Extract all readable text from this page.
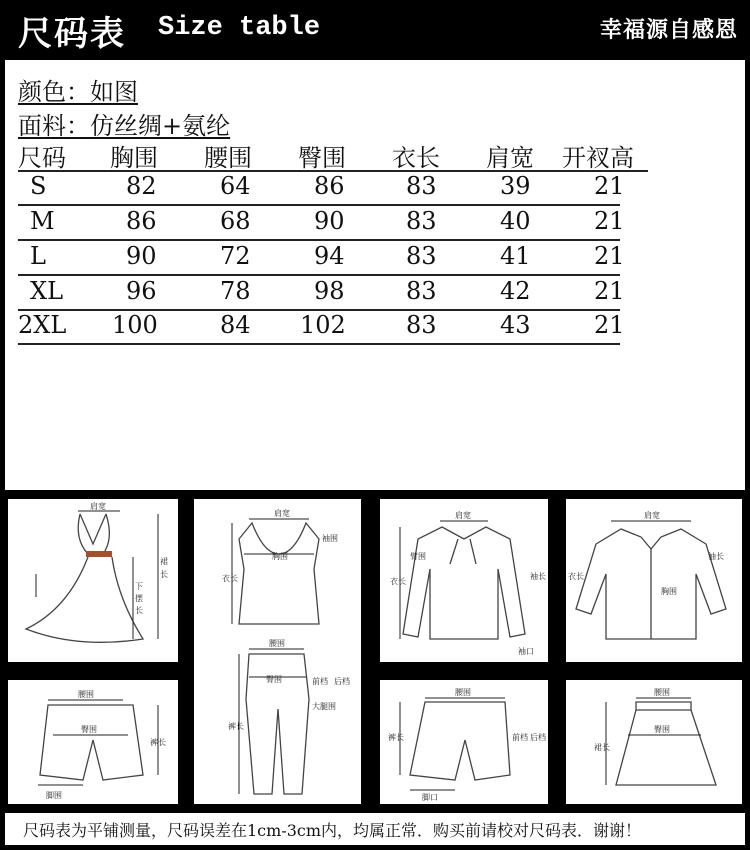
尺码表 Size table	幸福源自感恩
颜色：如图
面料：仿丝绸+氨纶
尺码 胸围 腰围 臀围 衣长 肩宽 开衩高
S	82	64	86	83	39	21
M	86	68	90	83	40	21
L	90	72	94	83	41	21
XL	96	78	98	83	42	21
2XL 100	84 102	83	43	21
肩宽
裙
长
下
摆
长
肩宽
胸围
衣长
袖围
腰围
臀围	前档 后档
大腿围
裤长
肩宽
衣长
臂围
袖长
袖口
肩宽
胸围
衣长
袖长
腰围
臀围
裤长
脚围
腰围
裤长	前档 后档
脚口
腰围
臀围
裙长
尺码表为平铺测量，尺码误差在1cm-3cm内，均属正常．购买前请校对尺码表．谢谢！
